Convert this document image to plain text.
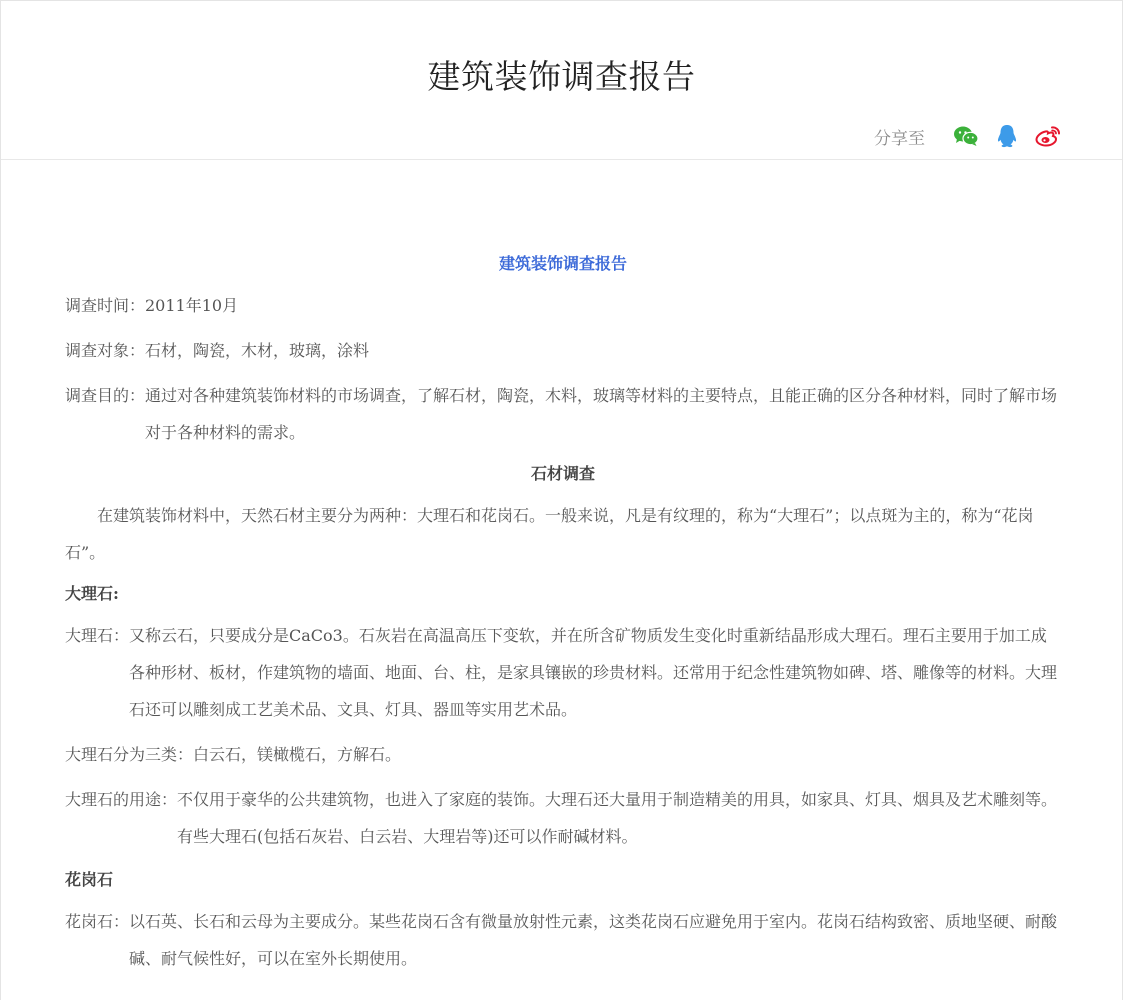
建筑装饰调查报告
分享至
建筑装饰调查报告

调查时间：2011年10月

调查对象：石材，陶瓷，木材，玻璃，涂料

调查目的： 通过对各种建筑装饰材料的市场调查，了解石材，陶瓷，木料，玻璃等材料的主要特点，且能正确的区分各种材料，同时了解市场对于各种材料的需求。
石材调查

在建筑装饰材料中，天然石材主要分为两种：大理石和花岗石。一般来说，凡是有纹理的，称为“大理石”；以点斑为主的，称为“花岗石”。

大理石:
大理石： 又称云石，只要成分是CaCo3。石灰岩在高温高压下变软，并在所含矿物质发生变化时重新结晶形成大理石。理石主要用于加工成各种形材、板材，作建筑物的墙面、地面、台、柱，是家具镶嵌的珍贵材料。还常用于纪念性建筑物如碑、塔、雕像等的材料。大理石还可以雕刻成工艺美术品、文具、灯具、器皿等实用艺术品。

大理石分为三类：白云石，镁橄榄石，方解石。

大理石的用途： 不仅用于豪华的公共建筑物，也进入了家庭的装饰。大理石还大量用于制造精美的用具，如家具、灯具、烟具及艺术雕刻等。有些大理石(包括石灰岩、白云岩、大理岩等)还可以作耐碱材料。
花岗石
花岗石： 以石英、长石和云母为主要成分。某些花岗石含有微量放射性元素，这类花岗石应避免用于室内。花岗石结构致密、质地坚硬、耐酸碱、耐气候性好，可以在室外长期使用。
